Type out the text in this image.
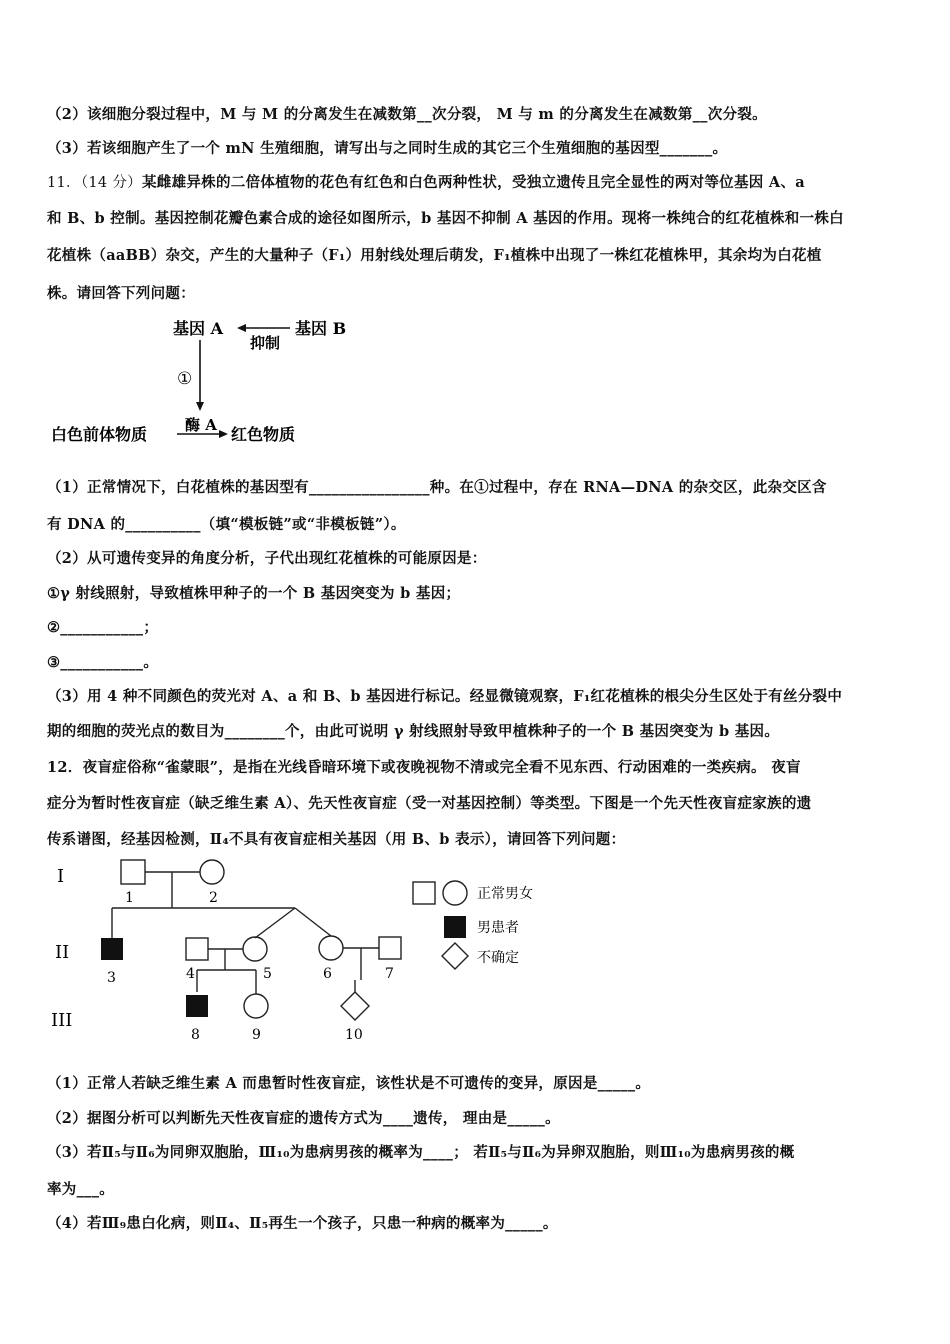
（2）该细胞分裂过程中，M 与 M 的分离发生在减数第__次分裂， M 与 m 的分离发生在减数第__次分裂。
（3）若该细胞产生了一个 mN 生殖细胞，请写出与之同时生成的其它三个生殖细胞的基因型_______。
11．（14 分）某雌雄异株的二倍体植物的花色有红色和白色两种性状，受独立遗传且完全显性的两对等位基因 A、a
和 B、b 控制。基因控制花瓣色素合成的途径如图所示，b 基因不抑制 A 基因的作用。现将一株纯合的红花植株和一株白
花植株（aaBB）杂交，产生的大量种子（F₁）用射线处理后萌发，F₁植株中出现了一株红花植株甲，其余均为白花植
株。请回答下列问题：
基因 A	基因 B
抑制
①
白色前体物质	酶 A 红色物质
（1）正常情况下，白花植株的基因型有________________种。在①过程中，存在 RNA—DNA 的杂交区，此杂交区含
有 DNA 的__________（填“模板链”或“非模板链”）。
（2）从可遗传变异的角度分析，子代出现红花植株的可能原因是：
①γ 射线照射，导致植株甲种子的一个 B 基因突变为 b 基因；
②___________；
③___________。
（3）用 4 种不同颜色的荧光对 A、a 和 B、b 基因进行标记。经显微镜观察，F₁红花植株的根尖分生区处于有丝分裂中
期的细胞的荧光点的数目为________个，由此可说明 γ 射线照射导致甲植株种子的一个 B 基因突变为 b 基因。
12．夜盲症俗称“雀蒙眼”，是指在光线昏暗环境下或夜晚视物不清或完全看不见东西、行动困难的一类疾病。 夜盲
症分为暂时性夜盲症（缺乏维生素 A）、先天性夜盲症（受一对基因控制）等类型。下图是一个先天性夜盲症家族的遗
传系谱图，经基因检测，Ⅱ₄不具有夜盲症相关基因（用 B、b 表示），请回答下列问题：
I
II
III
1	2
3	4	5	6	7
8	9	10
正常男女
男患者
不确定
（1）正常人若缺乏维生素 A 而患暂时性夜盲症，该性状是不可遗传的变异，原因是_____。
（2）据图分析可以判断先天性夜盲症的遗传方式为____遗传， 理由是_____。
（3）若Ⅱ₅与Ⅱ₆为同卵双胞胎，Ⅲ₁₀为患病男孩的概率为____； 若Ⅱ₅与Ⅱ₆为异卵双胞胎，则Ⅲ₁₀为患病男孩的概
率为___。
（4）若Ⅲ₉患白化病，则Ⅱ₄、Ⅱ₅再生一个孩子，只患一种病的概率为_____。
